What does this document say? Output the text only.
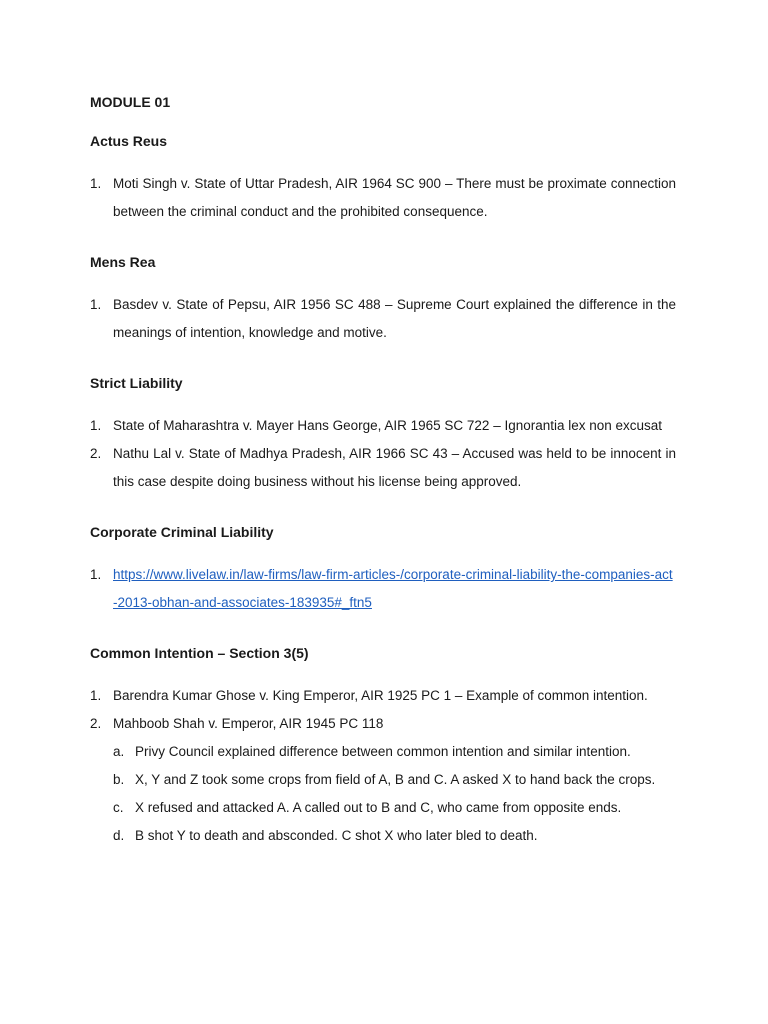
MODULE 01

Actus Reus

1. Moti Singh v. State of Uttar Pradesh, AIR 1964 SC 900 – There must be proximate connection between the criminal conduct and the prohibited consequence.

Mens Rea

1. Basdev v. State of Pepsu, AIR 1956 SC 488 – Supreme Court explained the difference in the meanings of intention, knowledge and motive.

Strict Liability

1. State of Maharashtra v. Mayer Hans George, AIR 1965 SC 722 – Ignorantia lex non excusat
2. Nathu Lal v. State of Madhya Pradesh, AIR 1966 SC 43 – Accused was held to be innocent in this case despite doing business without his license being approved.

Corporate Criminal Liability

1. https://www.livelaw.in/law-firms/law-firm-articles-/corporate-criminal-liability-the-companies-act-2013-obhan-and-associates-183935#_ftn5

Common Intention – Section 3(5)

1. Barendra Kumar Ghose v. King Emperor, AIR 1925 PC 1 – Example of common intention.
2. Mahboob Shah v. Emperor, AIR 1945 PC 118
a. Privy Council explained difference between common intention and similar intention.
b. X, Y and Z took some crops from field of A, B and C. A asked X to hand back the crops.
c. X refused and attacked A. A called out to B and C, who came from opposite ends.
d. B shot Y to death and absconded. C shot X who later bled to death.
